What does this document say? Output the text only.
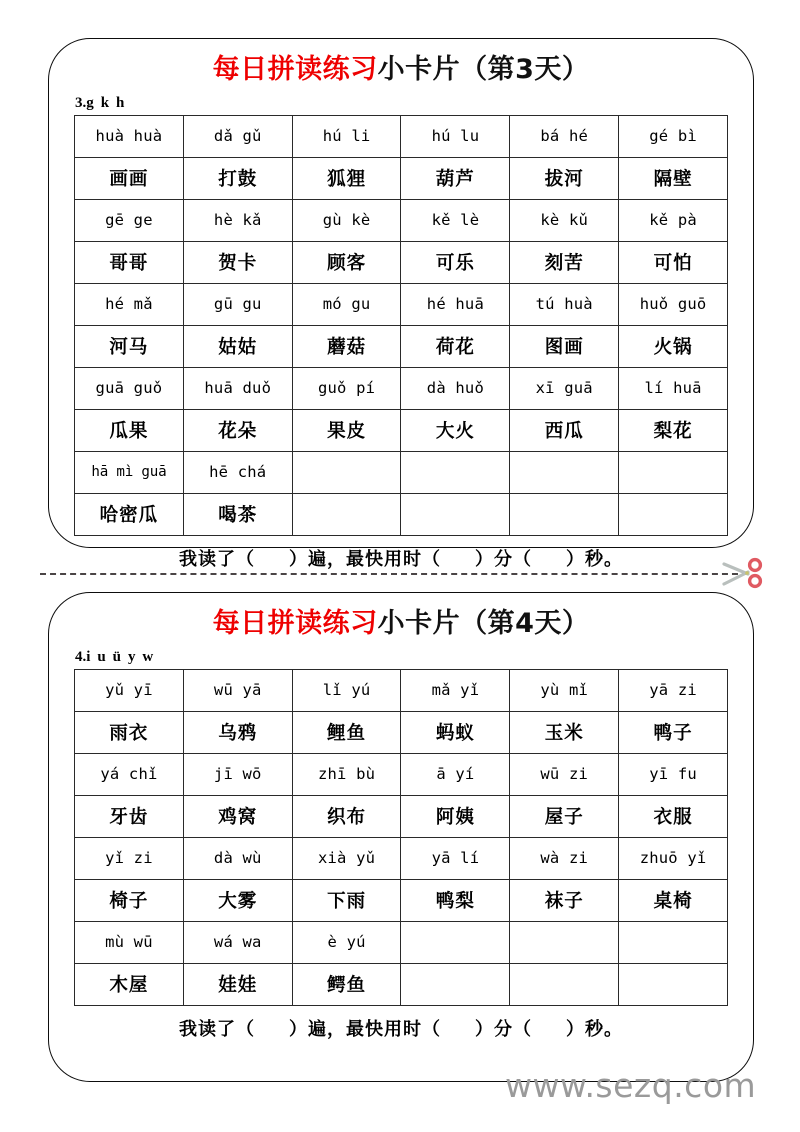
每日拼读练习小卡片（第3天）
3.g k h
huà huà	dǎ gǔ	hú li	hú lu	bá hé	gé bì
画画	打鼓	狐狸	葫芦	拔河	隔壁
gē ge	hè kǎ	gù kè	kě lè	kè kǔ	kě pà
哥哥	贺卡	顾客	可乐	刻苦	可怕
hé mǎ	gū gu	mó gu	hé huā	tú huà	huǒ guō
河马	姑姑	蘑菇	荷花	图画	火锅
guā guǒ	huā duǒ	guǒ pí	dà huǒ	xī guā	lí huā
瓜果	花朵	果皮	大火	西瓜	梨花
hā mì guā	hē chá				
哈密瓜	喝茶				
我读了（ ）遍，最快用时（ ）分（ ）秒。
每日拼读练习小卡片（第4天）
4.i u ü y w
yǔ yī	wū yā	lǐ yú	mǎ yǐ	yù mǐ	yā zi
雨衣	乌鸦	鲤鱼	蚂蚁	玉米	鸭子
yá chǐ	jī wō	zhī bù	ā yí	wū zi	yī fu
牙齿	鸡窝	织布	阿姨	屋子	衣服
yǐ zi	dà wù	xià yǔ	yā lí	wà zi	zhuō yǐ
椅子	大雾	下雨	鸭梨	袜子	桌椅
mù wū	wá wa	è yú			
木屋	娃娃	鳄鱼			
我读了（ ）遍，最快用时（ ）分（ ）秒。
www.sezq.com
